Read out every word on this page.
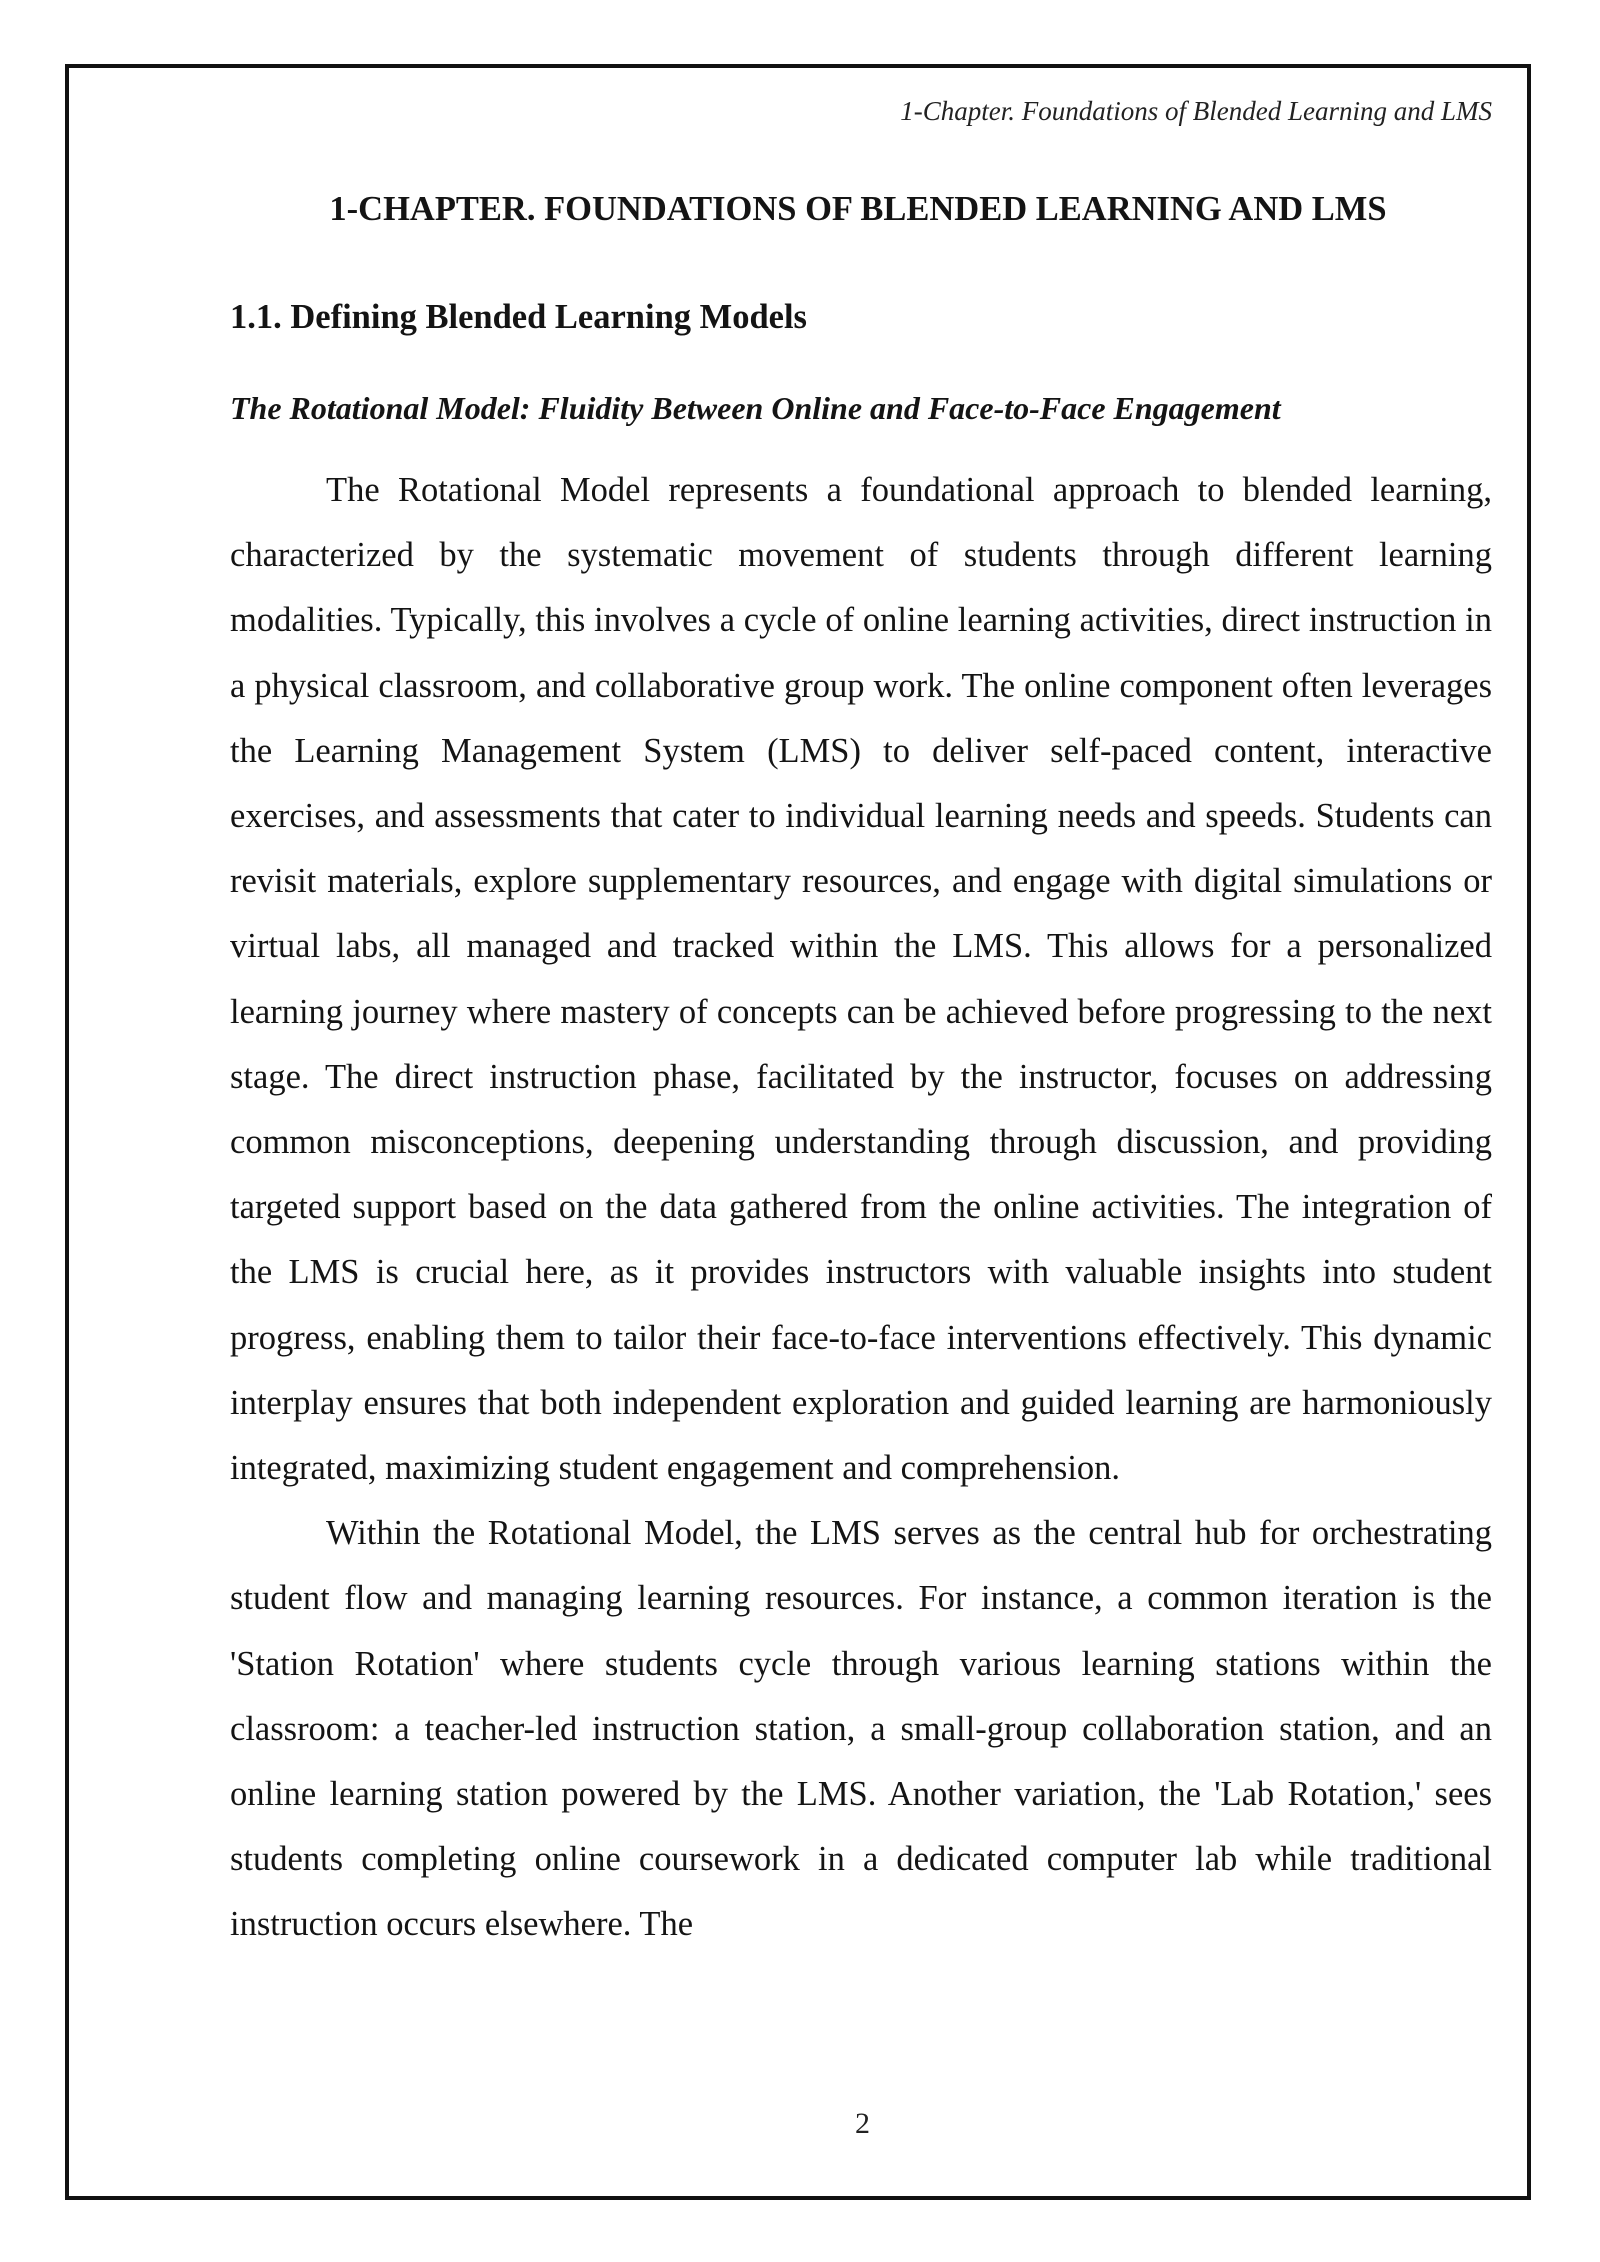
1-Chapter. Foundations of Blended Learning and LMS

1-CHAPTER. FOUNDATIONS OF BLENDED LEARNING AND LMS
1.1. Defining Blended Learning Models
The Rotational Model: Fluidity Between Online and Face-to-Face Engagement

The Rotational Model represents a foundational approach to blended learning, characterized by the systematic movement of students through different learning modalities. Typically, this involves a cycle of online learning activities, direct instruction in a physical classroom, and collaborative group work. The online component often leverages the Learning Management System (LMS) to deliver self-paced content, interactive exercises, and assessments that cater to individual learning needs and speeds. Students can revisit materials, explore supplementary resources, and engage with digital simulations or virtual labs, all managed and tracked within the LMS. This allows for a personalized learning journey where mastery of concepts can be achieved before progressing to the next stage. The direct instruction phase, facilitated by the instructor, focuses on addressing common misconceptions, deepening understanding through discussion, and providing targeted support based on the data gathered from the online activities. The integration of the LMS is crucial here, as it provides instructors with valuable insights into student progress, enabling them to tailor their face-to-face interventions effectively. This dynamic interplay ensures that both independent exploration and guided learning are harmoniously integrated, maximizing student engagement and comprehension.

Within the Rotational Model, the LMS serves as the central hub for orchestrating student flow and managing learning resources. For instance, a common iteration is the 'Station Rotation' where students cycle through various learning stations within the classroom: a teacher-led instruction station, a small-group collaboration station, and an online learning station powered by the LMS. Another variation, the 'Lab Rotation,' sees students completing online coursework in a dedicated computer lab while traditional instruction occurs elsewhere. The

2
